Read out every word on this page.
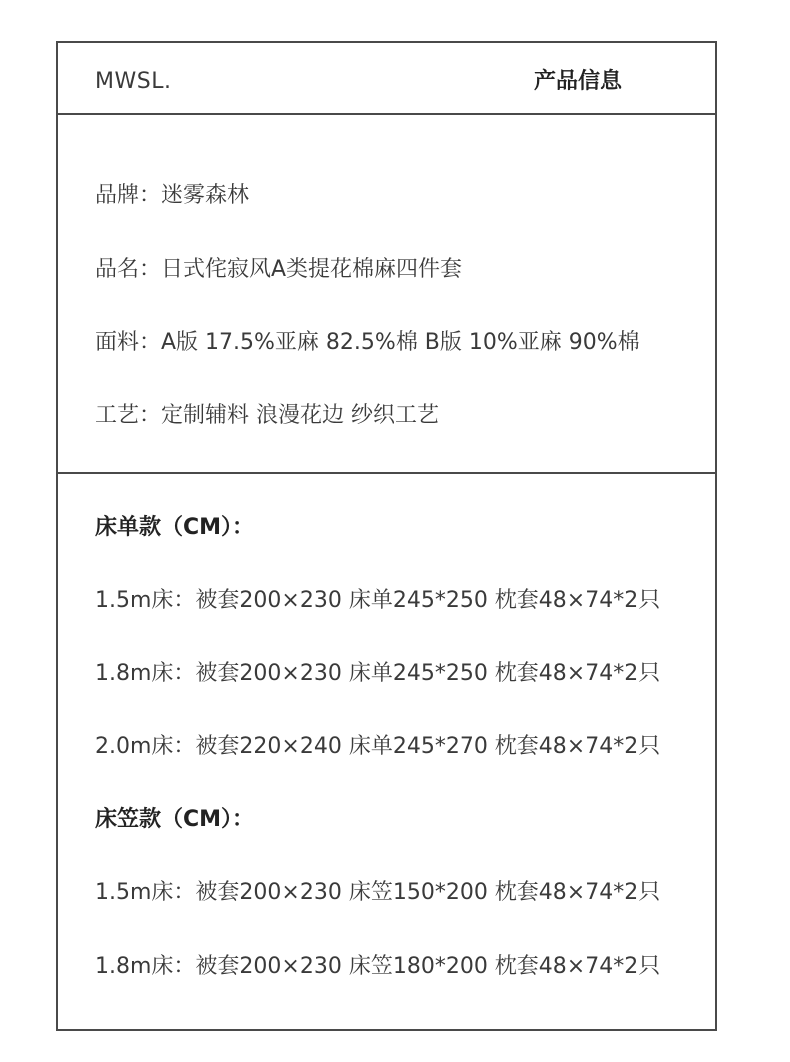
MWSL.	产品信息
品牌：迷雾森林
品名：日式侘寂风A类提花棉麻四件套
面料：A版 17.5%亚麻 82.5%棉 B版 10%亚麻 90%棉
工艺：定制辅料 浪漫花边 纱织工艺
床单款（CM）：
1.5m床：被套200×230 床单245*250 枕套48×74*2只
1.8m床：被套200×230 床单245*250 枕套48×74*2只
2.0m床：被套220×240 床单245*270 枕套48×74*2只
床笠款（CM）：
1.5m床：被套200×230 床笠150*200 枕套48×74*2只
1.8m床：被套200×230 床笠180*200 枕套48×74*2只
